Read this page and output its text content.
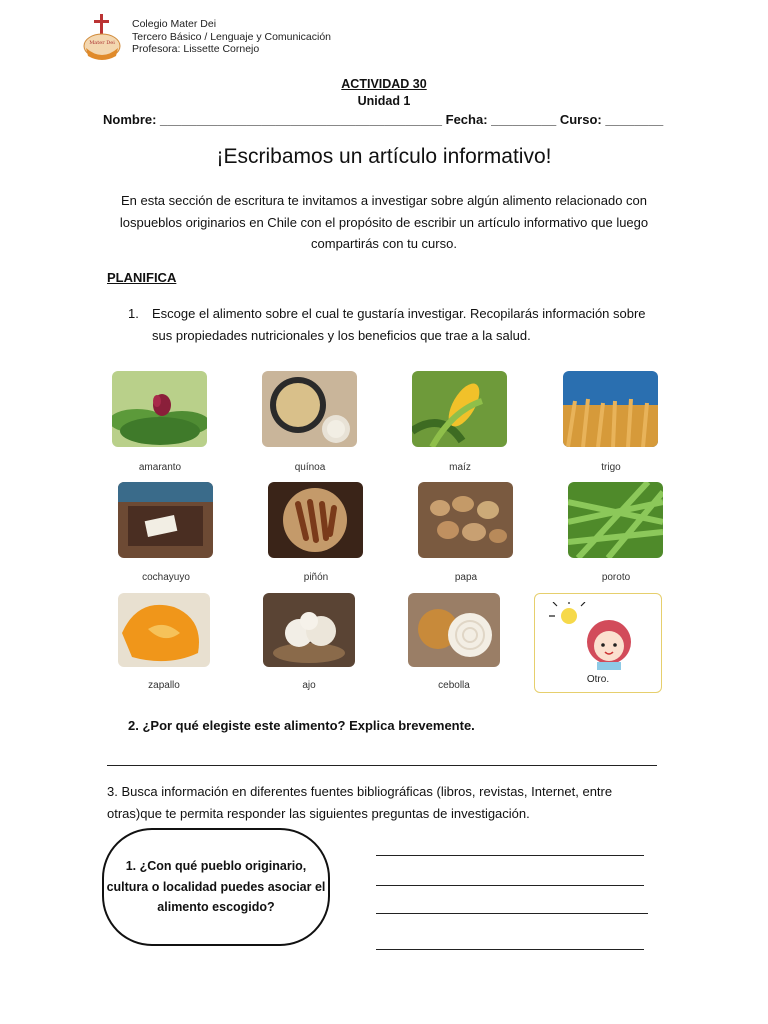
Mater Dei
Colegio Mater Dei
Tercero Básico / Lenguaje y Comunicación
Profesora: Lissette Cornejo
ACTIVIDAD 30
Unidad 1
Nombre: _______________________________________ Fecha: _________ Curso: ________
¡Escribamos un artículo informativo!
En esta sección de escritura te invitamos a investigar sobre algún alimento relacionado con lospueblos originarios en Chile con el propósito de escribir un artículo informativo que luego compartirás con tu curso.
PLANIFICA
1. Escoge el alimento sobre el cual te gustaría investigar. Recopilarás información sobre sus propiedades nutricionales y los beneficios que trae a la salud.
amaranto	quínoa	maíz	trigo
cochayuyo	piñón	papa	poroto
zapallo	ajo	cebolla
Otro.
2. ¿Por qué elegiste este alimento? Explica brevemente.
3. Busca información en diferentes fuentes bibliográficas (libros, revistas, Internet, entre otras)que te permita responder las siguientes preguntas de investigación.
1. ¿Con qué pueblo originario, cultura o localidad puedes asociar el alimento escogido?
